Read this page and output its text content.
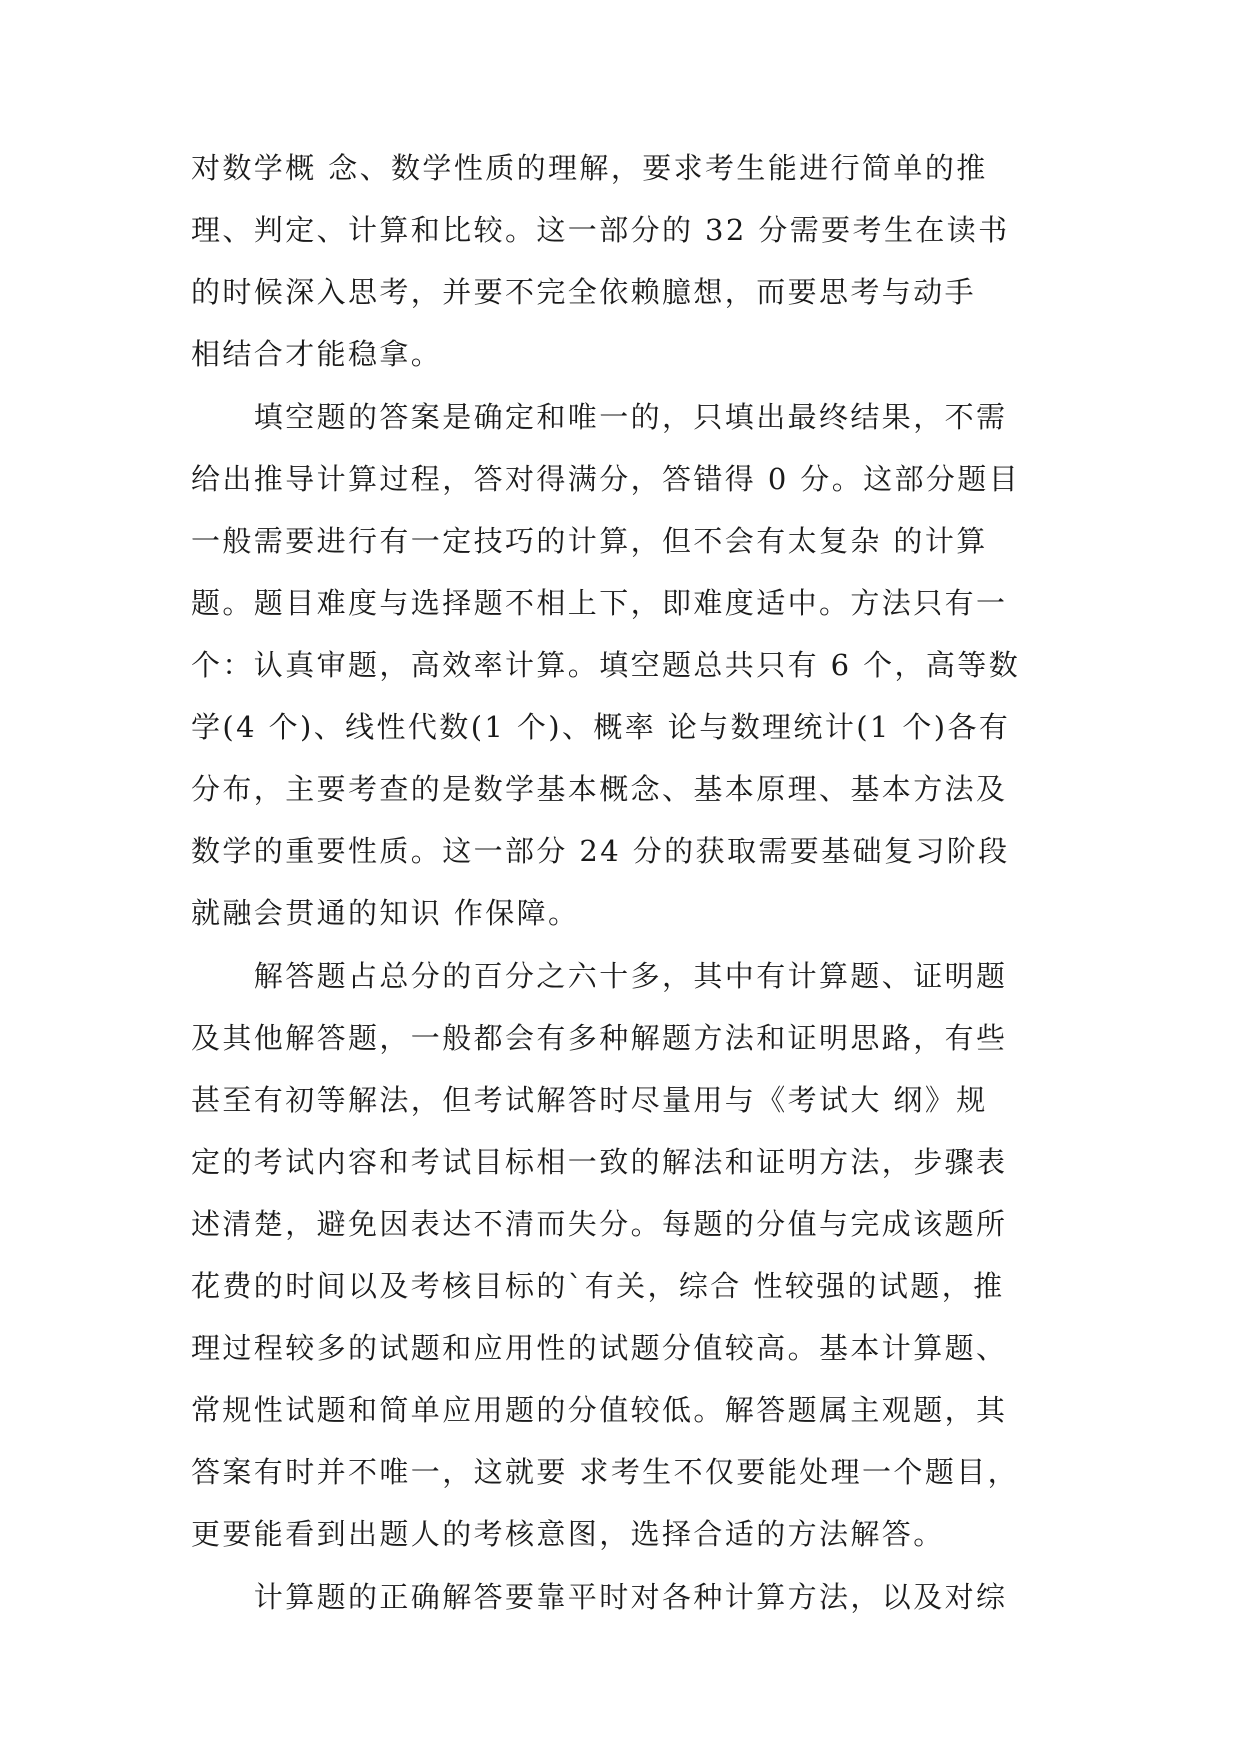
对数学概 念、数学性质的理解，要求考生能进行简单的推

理、判定、计算和比较。这一部分的 32 分需要考生在读书

的时候深入思考，并要不完全依赖臆想，而要思考与动手

相结合才能稳拿。

　　填空题的答案是确定和唯一的，只填出最终结果，不需

给出推导计算过程，答对得满分，答错得 0 分。这部分题目

一般需要进行有一定技巧的计算，但不会有太复杂 的计算

题。题目难度与选择题不相上下，即难度适中。方法只有一

个：认真审题，高效率计算。填空题总共只有 6 个，高等数

学(4 个)、线性代数(1 个)、概率 论与数理统计(1 个)各有

分布，主要考查的是数学基本概念、基本原理、基本方法及

数学的重要性质。这一部分 24 分的获取需要基础复习阶段

就融会贯通的知识 作保障。

　　解答题占总分的百分之六十多，其中有计算题、证明题

及其他解答题，一般都会有多种解题方法和证明思路，有些

甚至有初等解法，但考试解答时尽量用与《考试大 纲》规

定的考试内容和考试目标相一致的解法和证明方法，步骤表

述清楚，避免因表达不清而失分。每题的分值与完成该题所

花费的时间以及考核目标的`有关，综合 性较强的试题，推

理过程较多的试题和应用性的试题分值较高。基本计算题、

常规性试题和简单应用题的分值较低。解答题属主观题，其

答案有时并不唯一，这就要 求考生不仅要能处理一个题目，

更要能看到出题人的考核意图，选择合适的方法解答。

　　计算题的正确解答要靠平时对各种计算方法，以及对综
